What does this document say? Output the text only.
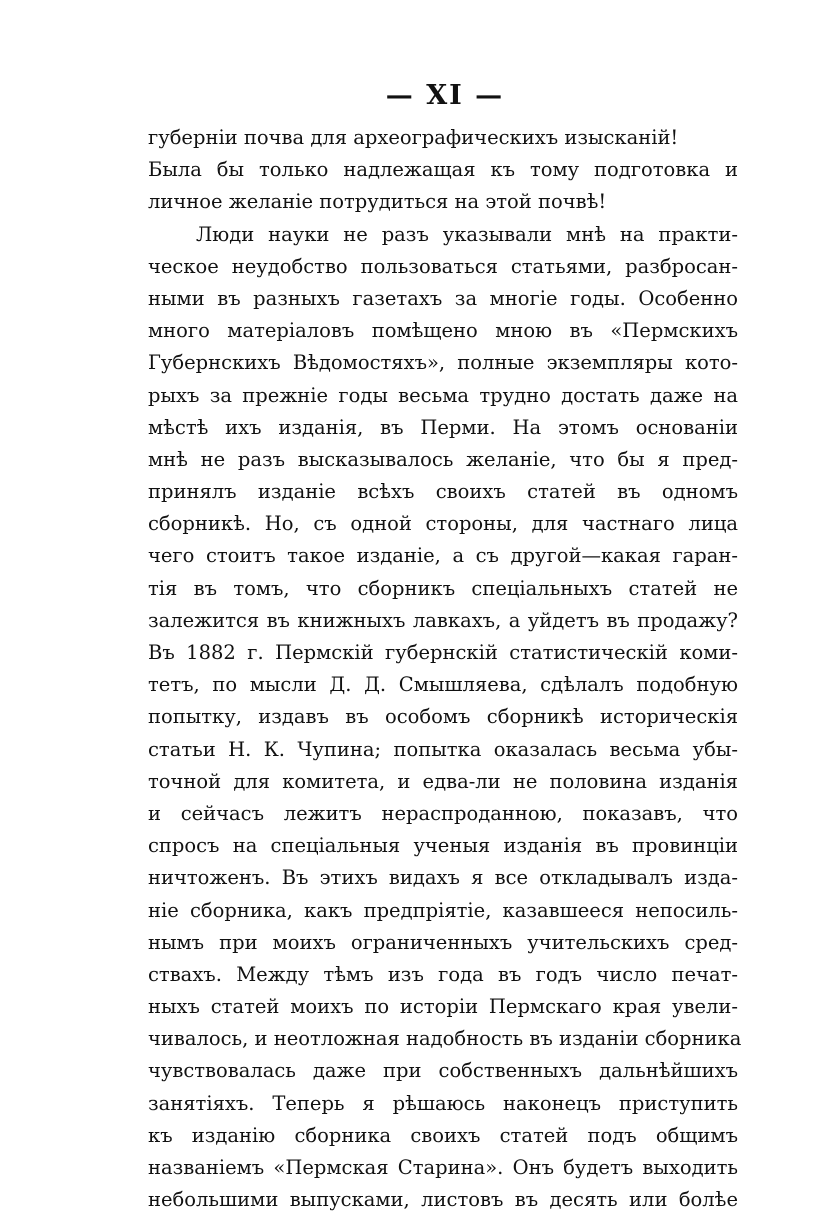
— XI —
губерніи почва для археографическихъ изысканій!
Была бы только надлежащая къ тому подготовка и
личное желаніе потрудиться на этой почвѣ!
Люди науки не разъ указывали мнѣ на практи-
ческое неудобство пользоваться статьями, разбросан-
ными въ разныхъ газетахъ за многіе годы. Особенно
много матеріаловъ помѣщено мною въ «Пермскихъ
Губернскихъ Вѣдомостяхъ», полные экземпляры кото-
рыхъ за прежніе годы весьма трудно достать даже на
мѣстѣ ихъ изданія, въ Перми. На этомъ основаніи
мнѣ не разъ высказывалось желаніе, что бы я пред-
принялъ изданіе всѣхъ своихъ статей въ одномъ
сборникѣ. Но, съ одной стороны, для частнаго лица
чего стоитъ такое изданіе, а съ другой—какая гаран-
тія въ томъ, что сборникъ спеціальныхъ статей не
залежится въ книжныхъ лавкахъ, а уйдетъ въ продажу?
Въ 1882 г. Пермскій губернскій статистическій коми-
тетъ, по мысли Д. Д. Смышляева, сдѣлалъ подобную
попытку, издавъ въ особомъ сборникѣ историческія
статьи Н. К. Чупина; попытка оказалась весьма убы-
точной для комитета, и едва-ли не половина изданія
и сейчасъ лежитъ нераспроданною, показавъ, что
спросъ на спеціальныя ученыя изданія въ провинціи
ничтоженъ. Въ этихъ видахъ я все откладывалъ изда-
ніе сборника, какъ предпріятіе, казавшееся непосиль-
нымъ при моихъ ограниченныхъ учительскихъ сред-
ствахъ. Между тѣмъ изъ года въ годъ число печат-
ныхъ статей моихъ по исторіи Пермскаго края увели-
чивалось, и неотложная надобность въ изданіи сборника
чувствовалась даже при собственныхъ дальнѣйшихъ
занятіяхъ. Теперь я рѣшаюсь наконецъ приступить
къ изданію сборника своихъ статей подъ общимъ
названіемъ «Пермская Старина». Онъ будетъ выходить
небольшими выпусками, листовъ въ десять или болѣе
